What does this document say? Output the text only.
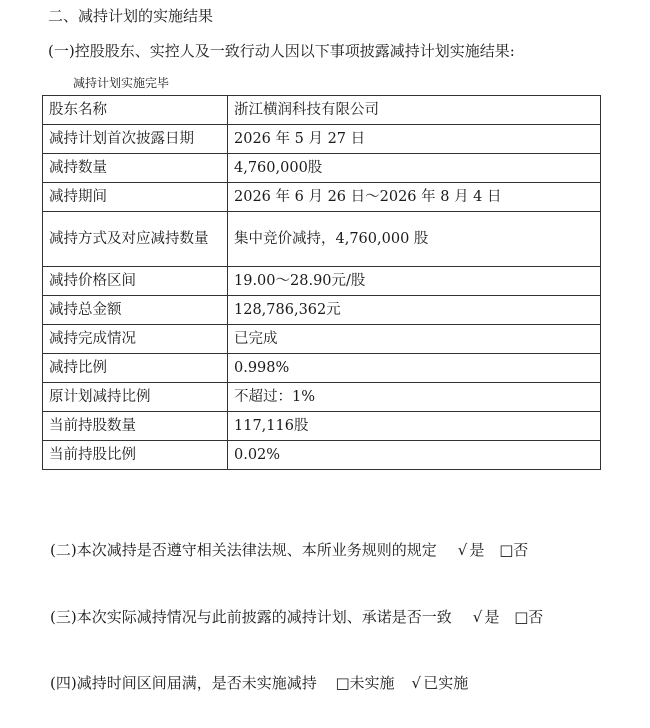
二、减持计划的实施结果
(一)控股股东、实控人及一致行动人因以下事项披露减持计划实施结果:
减持计划实施完毕
股东名称	浙江横润科技有限公司
减持计划首次披露日期	2026 年 5 月 27 日
减持数量	4,760,000股
减持期间	2026 年 6 月 26 日～2026 年 8 月 4 日
减持方式及对应减持数量	集中竞价减持，4,760,000 股
减持价格区间	19.00～28.90元/股
减持总金额	128,786,362元
减持完成情况	已完成
减持比例	0.998%
原计划减持比例	不超过：1%
当前持股数量	117,116股
当前持股比例	0.02%
(二)本次减持是否遵守相关法律法规、本所业务规则的规定 √ 是 □否
(三)本次实际减持情况与此前披露的减持计划、承诺是否一致 √ 是 □否
(四)减持时间区间届满，是否未实施减持 □未实施 √ 已实施
